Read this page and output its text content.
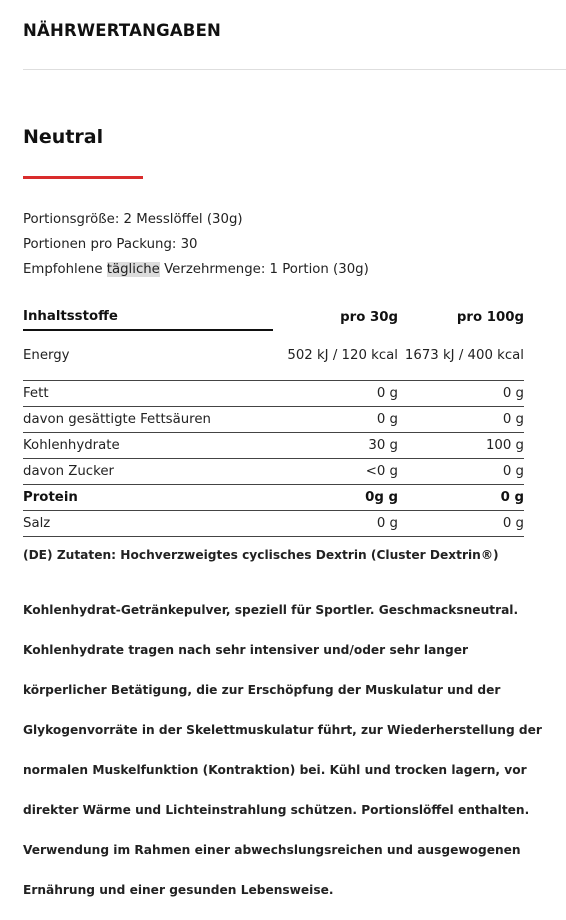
NÄHRWERTANGABEN
Neutral
Portionsgröße: 2 Messlöffel (30g)
Portionen pro Packung: 30
Empfohlene tägliche Verzehrmenge: 1 Portion (30g)
Inhaltsstoffe	pro 30g	pro 100g
Energy	502 kJ / 120 kcal	1673 kJ / 400 kcal
Fett	0 g	0 g
davon gesättigte Fettsäuren	0 g	0 g
Kohlenhydrate	30 g	100 g
davon Zucker	<0 g	0 g
Protein	0g g	0 g
Salz	0 g	0 g
(DE) Zutaten: Hochverzweigtes cyclisches Dextrin (Cluster Dextrin®)

Kohlenhydrat-Getränkepulver, speziell für Sportler. Geschmacksneutral.

Kohlenhydrate tragen nach sehr intensiver und/oder sehr langer

körperlicher Betätigung, die zur Erschöpfung der Muskulatur und der

Glykogenvorräte in der Skelettmuskulatur führt, zur Wiederherstellung der

normalen Muskelfunktion (Kontraktion) bei. Kühl und trocken lagern, vor

direkter Wärme und Lichteinstrahlung schützen. Portionslöffel enthalten.

Verwendung im Rahmen einer abwechslungsreichen und ausgewogenen

Ernährung und einer gesunden Lebensweise.
